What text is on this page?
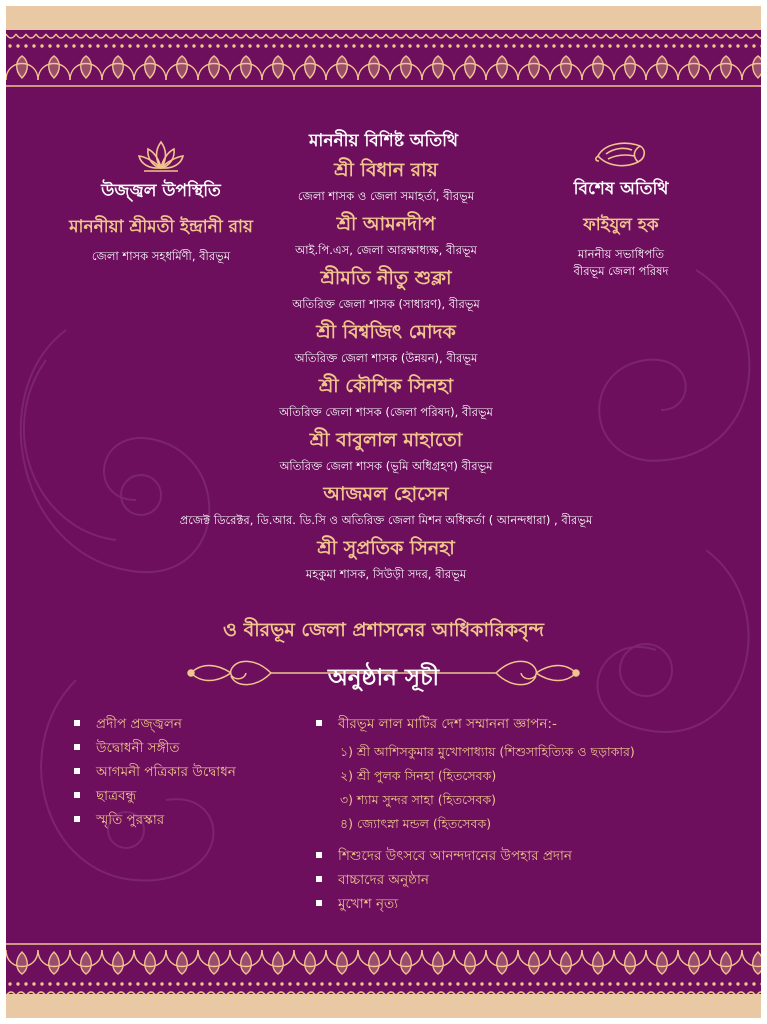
মাননীয় বিশিষ্ট অতিথি
উজ্জ্বল উপস্থিতি
মাননীয়া শ্রীমতী ইন্দ্রানী রায়
জেলা শাসক সহধর্মিণী, বীরভূম
বিশেষ অতিথি
ফাইযুল হক
মাননীয় সভাধিপতি
বীরভূম জেলা পরিষদ
শ্রী বিধান রায়
জেলা শাসক ও জেলা সমাহর্তা, বীরভূম
শ্রী আমনদীপ
আই.পি.এস, জেলা আরক্ষাধ্যক্ষ, বীরভূম
শ্রীমতি নীতু শুক্লা
অতিরিক্ত জেলা শাসক (সাধারণ), বীরভূম
শ্রী বিশ্বজিৎ মোদক
অতিরিক্ত জেলা শাসক (উন্নয়ন), বীরভূম
শ্রী কৌশিক সিনহা
অতিরিক্ত জেলা শাসক (জেলা পরিষদ), বীরভূম
শ্রী বাবুলাল মাহাতো
অতিরিক্ত জেলা শাসক (ভূমি অধিগ্রহণ) বীরভূম
আজমল হোসেন
প্রজেক্ট ডিরেক্টর, ডি.আর. ডি.সি ও অতিরিক্ত জেলা মিশন অধিকর্তা ( আনন্দধারা) , বীরভূম
শ্রী সুপ্রতিক সিনহা
মহকুমা শাসক, সিউড়ী সদর, বীরভূম
ও বীরভূম জেলা প্রশাসনের আধিকারিকবৃন্দ
অনুষ্ঠান সূচী
প্রদীপ প্রজ্জ্বলন
উদ্বোধনী সঙ্গীত
আগমনী পত্রিকার উদ্বোধন
ছাত্রবন্ধু
স্মৃতি পুরস্কার
বীরভূম লাল মাটির দেশ সম্মাননা জ্ঞাপন:-
১) শ্রী আশিসকুমার মুখোপাধ্যায় (শিশুসাহিত্যিক ও ছড়াকার)
২) শ্রী পুলক সিনহা (হিতসেবক)
৩) শ্যাম সুন্দর সাহা (হিতসেবক)
৪) জ্যোৎস্না মন্ডল (হিতসেবক)
শিশুদের উৎসবে আনন্দদানের উপহার প্রদান
বাচ্চাদের অনুষ্ঠান
মুখোশ নৃত্য
